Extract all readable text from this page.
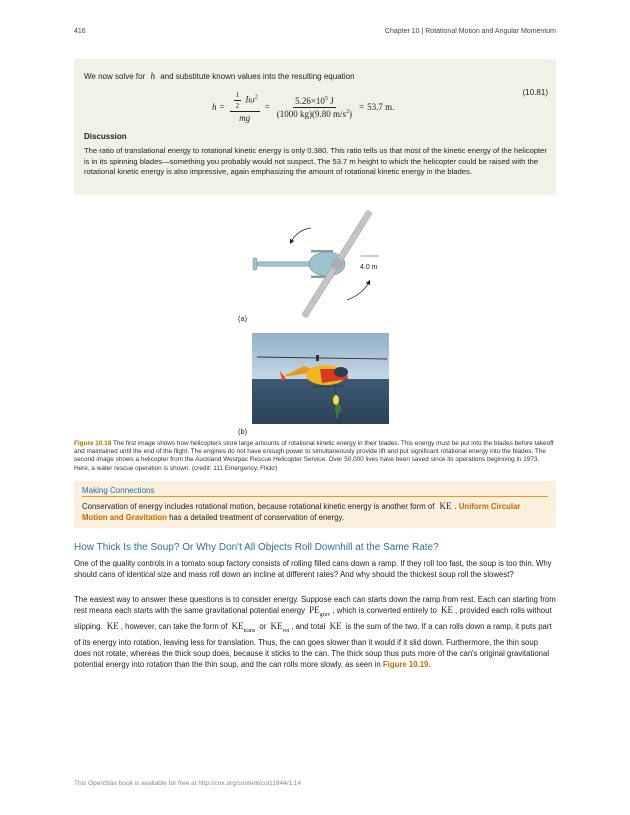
416	Chapter 10 | Rotational Motion and Angular Momentum
We now solve for h and substitute known values into the resulting equation
$h = \frac{\frac{1}{2} I\omega^2}{mg} = \frac{5.26\times 10^5 J}{(1000 kg)(9.80 m/s^2)} = 53.7$ m.
(10.81)
Discussion
The ratio of translational energy to rotational kinetic energy is only 0.380. This ratio tells us that most of the kinetic energy of the helicopter is in its spinning blades—something you probably would not suspect. The 53.7 m height to which the helicopter could be raised with the rotational kinetic energy is also impressive, again emphasizing the amount of rotational kinetic energy in the blades.
4.0 m
(a)
(b)
Figure 10.18 The first image shows how helicopters store large amounts of rotational kinetic energy in their blades. This energy must be put into the blades before takeoff and maintained until the end of the flight. The engines do not have enough power to simultaneously provide lift and put significant rotational energy into the blades. The second image shows a helicopter from the Auckland Westpac Rescue Helicopter Service. Over 50,000 lives have been saved since its operations beginning in 1973. Here, a water rescue operation is shown. (credit: 111 Emergency, Flickr)
Making Connections
Conservation of energy includes rotational motion, because rotational kinetic energy is another form of KE . Uniform Circular Motion and Gravitation has a detailed treatment of conservation of energy.
How Thick Is the Soup? Or Why Don't All Objects Roll Downhill at the Same Rate?
One of the quality controls in a tomato soup factory consists of rolling filled cans down a ramp. If they roll too fast, the soup is too thin. Why should cans of identical size and mass roll down an incline at different rates? And why should the thickest soup roll the slowest?
The easiest way to answer these questions is to consider energy. Suppose each can starts down the ramp from rest. Each can starting from rest means each starts with the same gravitational potential energy $PE_{grav}$ , which is converted entirely to KE , provided each rolls without slipping. KE , however, can take the form of $KE_{trans}$ or $KE_{rot}$ , and total KE is the sum of the two. If a can rolls down a ramp, it puts part of its energy into rotation, leaving less for translation. Thus, the can goes slower than it would if it slid down. Furthermore, the thin soup does not rotate, whereas the thick soup does, because it sticks to the can. The thick soup thus puts more of the can's original gravitational potential energy into rotation than the thin soup, and the can rolls more slowly, as seen in Figure 10.19.
This OpenStax book is available for free at http://cnx.org/content/col11844/1.14
